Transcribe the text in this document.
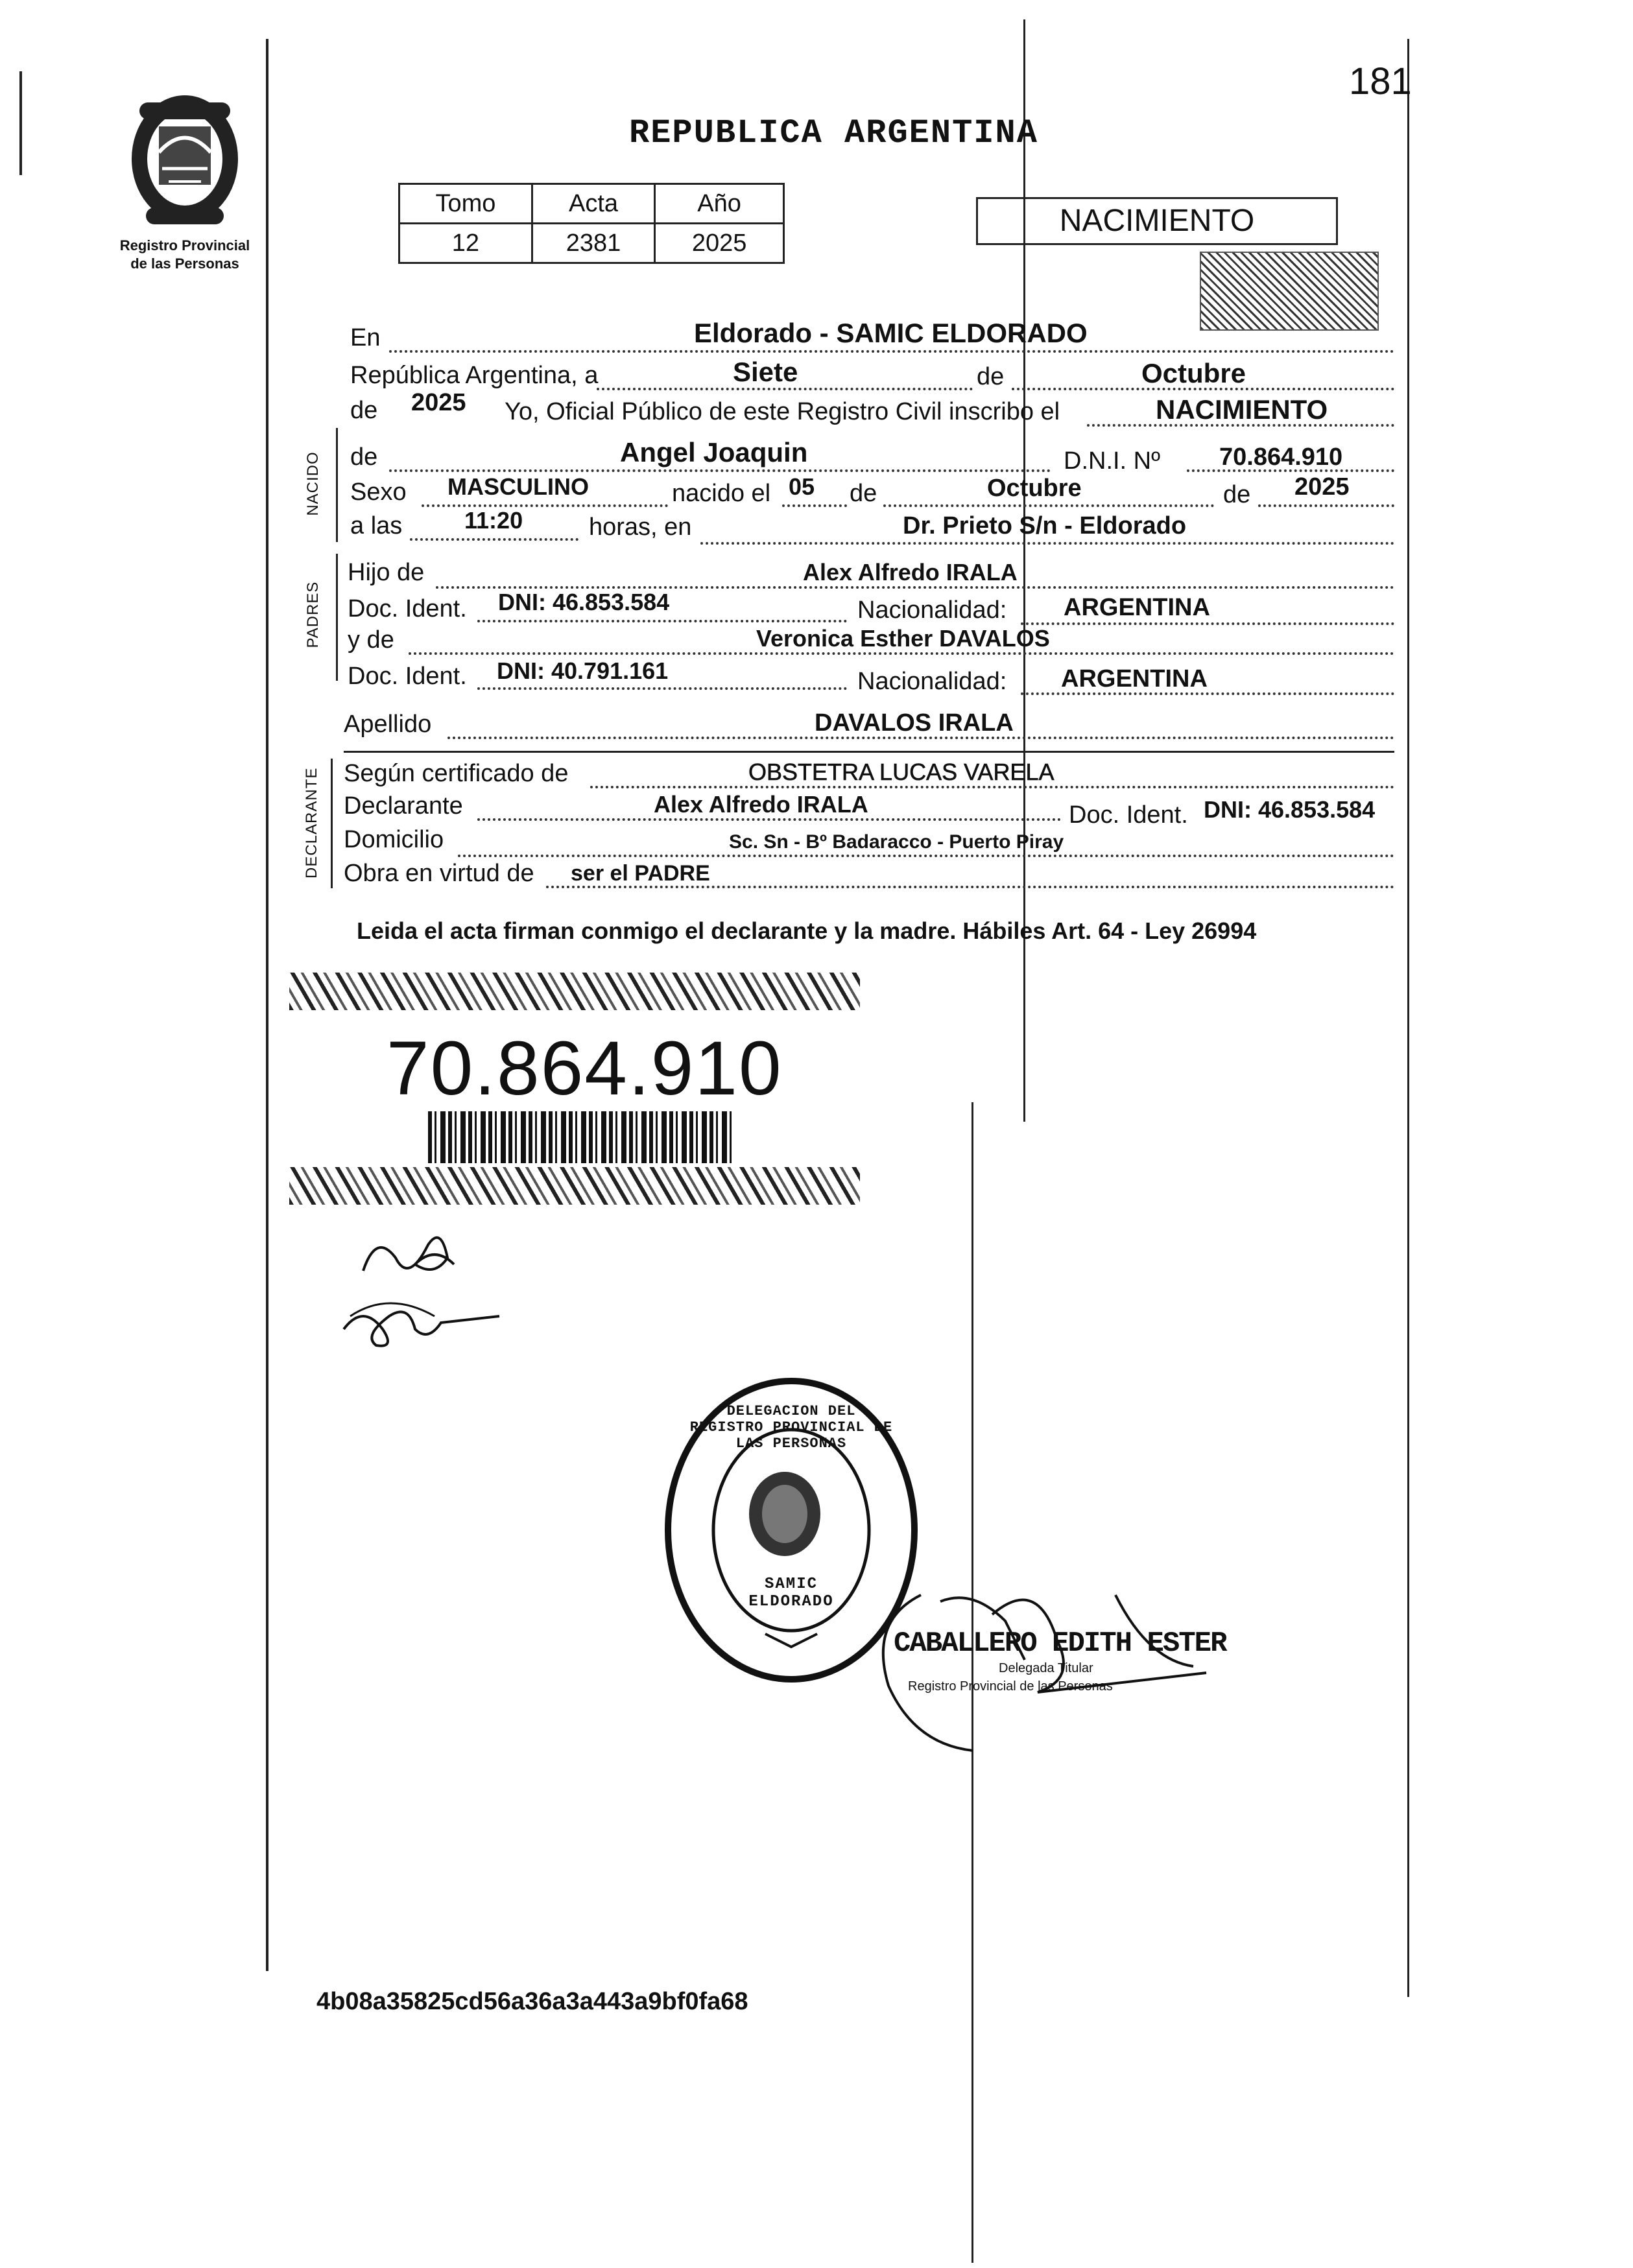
181
Registro Provincial
de las Personas
REPUBLICA ARGENTINA
Tomo	Acta	Año
12	2381	2025
NACIMIENTO
En	Eldorado - SAMIC ELDORADO
República Argentina, a	Siete	de	Octubre
de 2025 Yo, Oficial Público de este Registro Civil inscribo el	NACIMIENTO
NACIDO de	Angel Joaquin	D.N.I. Nº 70.864.910
Sexo MASCULINO	nacido el 05 de	Octubre	de 2025
a las	11:20	horas, en	Dr. Prieto S/n - Eldorado
PADRES
Hijo de	Alex Alfredo IRALA
Doc. Ident. DNI: 46.853.584	Nacionalidad: ARGENTINA
y de	Veronica Esther DAVALOS
Doc. Ident. DNI: 40.791.161	Nacionalidad: ARGENTINA
Apellido	DAVALOS IRALA
DECLARANTE Según certificado de	OBSTETRA LUCAS VARELA
Declarante	Alex Alfredo IRALA	Doc. Ident. DNI: 46.853.584
Domicilio	Sc. Sn - Bº Badaracco - Puerto Piray
Obra en virtud de ser el PADRE
Leida el acta firman conmigo el declarante y la madre. Hábiles Art. 64 - Ley 26994
70.864.910
DELEGACION DEL REGISTRO PROVINCIAL DE LAS PERSONAS
SAMIC ELDORADO
CABALLERO EDITH ESTER
Delegada Titular
Registro Provincial de las Personas
4b08a35825cd56a36a3a443a9bf0fa68
